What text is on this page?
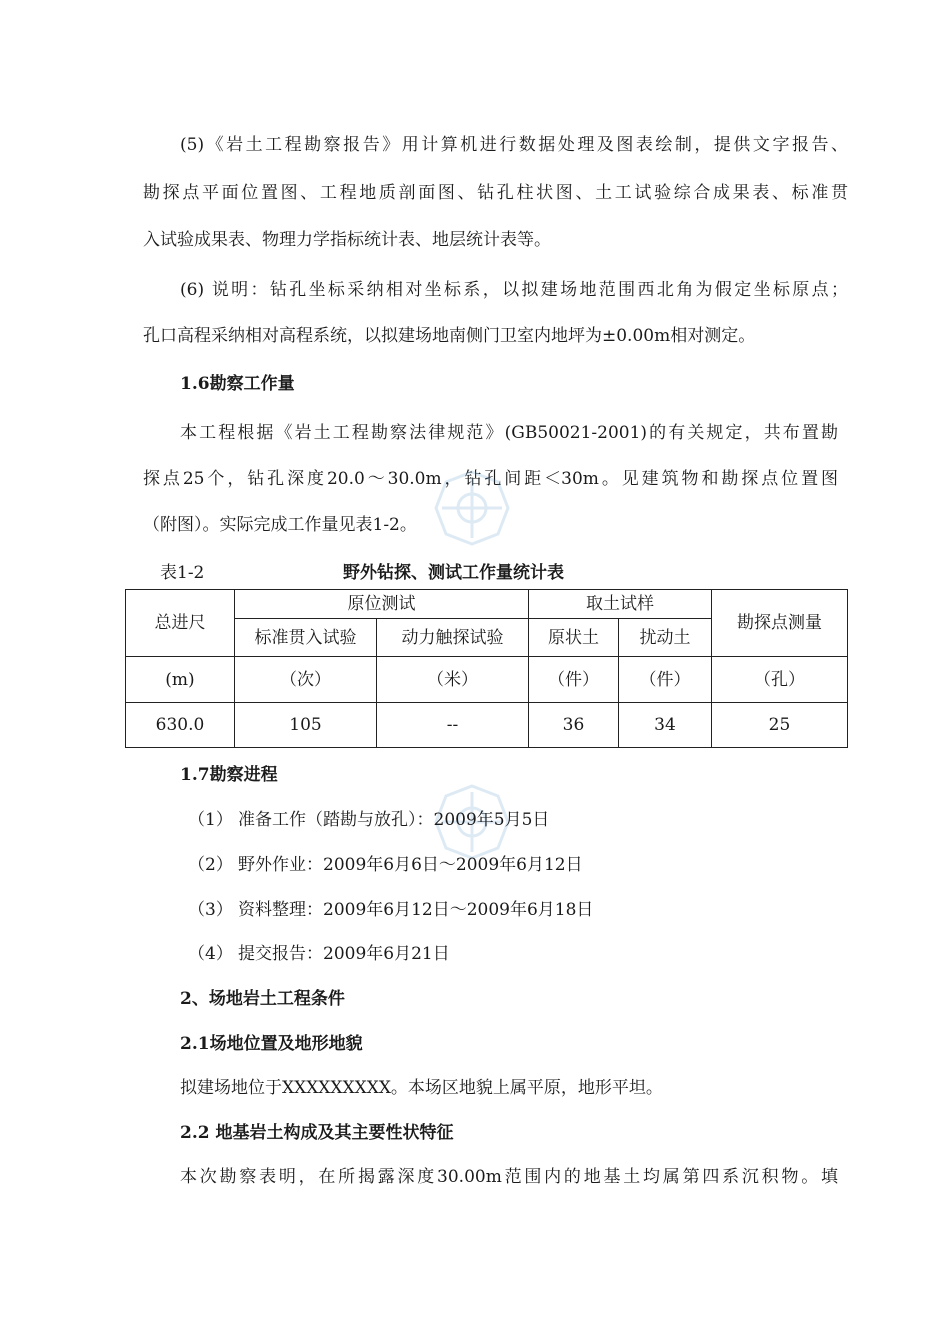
(5)《岩土工程勘察报告》用计算机进行数据处理及图表绘制，提供文字报告、
勘探点平面位置图、工程地质剖面图、钻孔柱状图、土工试验综合成果表、标准贯
入试验成果表、物理力学指标统计表、地层统计表等。
(6) 说明：钻孔坐标采纳相对坐标系，以拟建场地范围西北角为假定坐标原点；
孔口高程采纳相对高程系统，以拟建场地南侧门卫室内地坪为±0.00m相对测定。
1.6勘察工作量
本工程根据《岩土工程勘察法律规范》(GB50021-2001)的有关规定，共布置勘
探点25个，钻孔深度20.0～30.0m，钻孔间距＜30m。见建筑物和勘探点位置图
（附图）。实际完成工作量见表1-2。
表1-2	野外钻探、测试工作量统计表
总进尺	原位测试		取土试样		勘探点测量
	标准贯入试验	动力触探试验	原状土	扰动土	
(m)	（次）	（米）	（件）	（件）	（孔）
630.0	105	--	36	34	25
1.7勘察进程
（1） 准备工作（踏勘与放孔）：2009年5月5日
（2） 野外作业：2009年6月6日～2009年6月12日
（3） 资料整理：2009年6月12日～2009年6月18日
（4） 提交报告：2009年6月21日
2、场地岩土工程条件
2.1场地位置及地形地貌
拟建场地位于XXXXXXXXX。本场区地貌上属平原，地形平坦。
2.2 地基岩土构成及其主要性状特征
本次勘察表明，在所揭露深度30.00m范围内的地基土均属第四系沉积物。填
